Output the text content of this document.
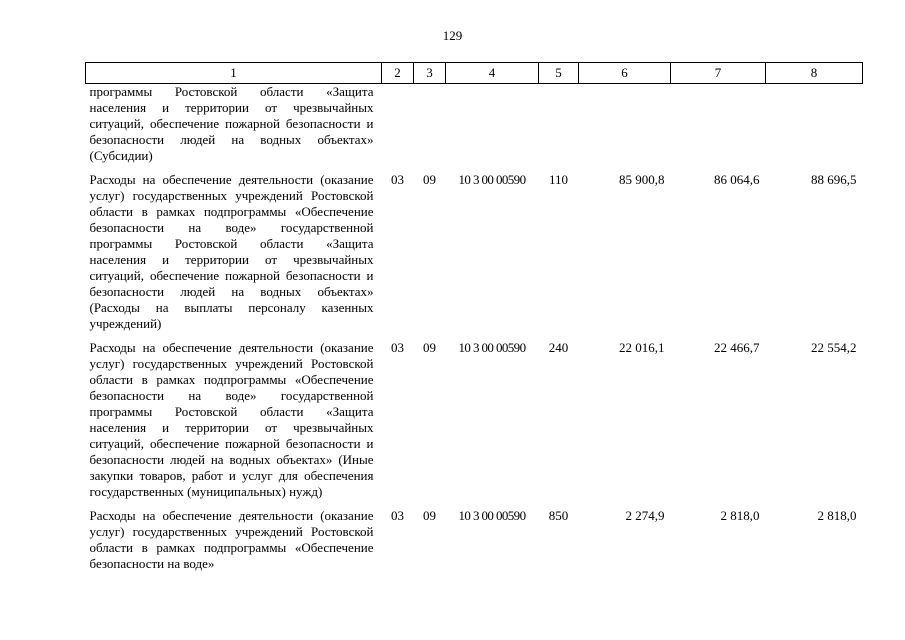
129
1	2	3	4	5	6	7	8
программы Ростовской области «Защита населения и территории от чрезвычайных ситуаций, обеспечение пожарной безопасности и безопасности людей на водных объектах» (Субсидии)							
Расходы на обеспечение деятельности (оказание услуг) государственных учреждений Ростовской области в рамках подпрограммы «Обеспечение безопасности на воде» государственной программы Ростовской области «Защита населения и территории от чрезвычайных ситуаций, обеспечение пожарной безопасности и безопасности людей на водных объектах» (Расходы на выплаты персоналу казенных учреждений)	03	09	10 3 00 00590	110	85 900,8	86 064,6	88 696,5
Расходы на обеспечение деятельности (оказание услуг) государственных учреждений Ростовской области в рамках подпрограммы «Обеспечение безопасности на воде» государственной программы Ростовской области «Защита населения и территории от чрезвычайных ситуаций, обеспечение пожарной безопасности и безопасности людей на водных объектах» (Иные закупки товаров, работ и услуг для обеспечения государственных (муниципальных) нужд)	03	09	10 3 00 00590	240	22 016,1	22 466,7	22 554,2
Расходы на обеспечение деятельности (оказание услуг) государственных учреждений Ростовской области в рамках подпрограммы «Обеспечение безопасности на воде»	03	09	10 3 00 00590	850	2 274,9	2 818,0	2 818,0
